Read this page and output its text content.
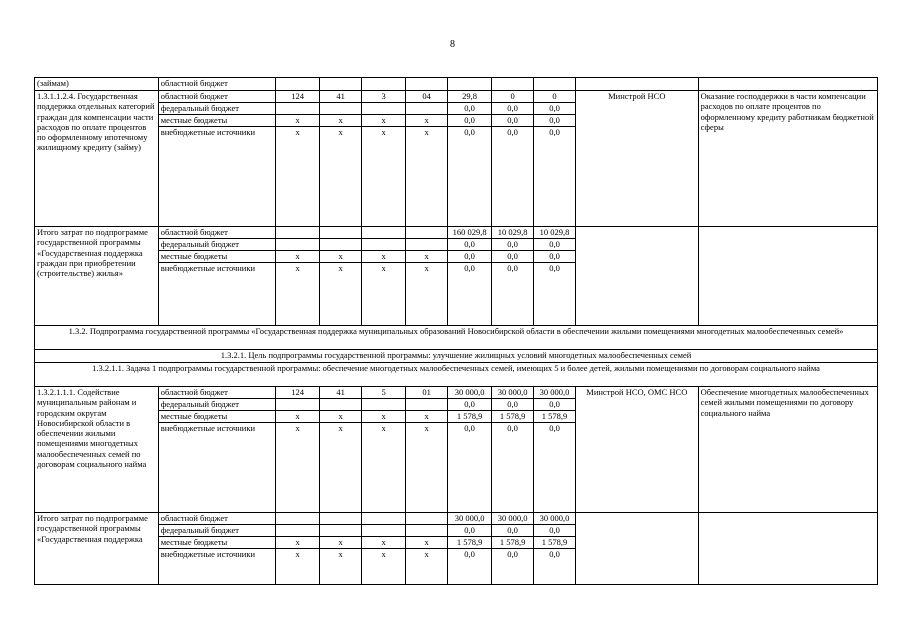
8
(займам)	областной бюджет									
1.3.1.1.2.4. Государственная поддержка отдельных категорий граждан для компенсации части расходов по оплате процентов по оформленному ипотечному жилищному кредиту (займу)	областной бюджет	124	41	3	04	29,8	0	0	Минстрой НСО	Оказание господдержки в части компенсации расходов по оплате процентов по оформленному кредиту работникам бюджетной сферы
	федеральный бюджет					0,0	0,0	0,0		
	местные бюджеты	х	х	х	х	0,0	0,0	0,0		
	внебюджетные источники	х	х	х	х	0,0	0,0	0,0		
Итого затрат по подпрограмме государственной программы «Государственная поддержка граждан при приобретении (строительстве) жилья»	областной бюджет					160 029,8	10 029,8	10 029,8		
	федеральный бюджет					0,0	0,0	0,0		
	местные бюджеты	х	х	х	х	0,0	0,0	0,0		
	внебюджетные источники	х	х	х	х	0,0	0,0	0,0		
1.3.2. Подпрограмма государственной программы «Государственная поддержка муниципальных образований Новосибирской области в обеспечении жилыми помещениями многодетных малообеспеченных семей»										
1.3.2.1. Цель подпрограммы государственной программы: улучшение жилищных условий многодетных малообеспеченных семей										
1.3.2.1.1. Задача 1 подпрограммы государственной программы: обеспечение многодетных малообеспеченных семей, имеющих 5 и более детей, жилыми помещениями по договорам социального найма										
1.3.2.1.1.1. Содействие муниципальным районам и городским округам Новосибирской области в обеспечении жилыми помещениями многодетных малообеспеченных семей по договорам социального найма	областной бюджет	124	41	5	01	30 000,0	30 000,0	30 000,0	Минстрой НСО, ОМС НСО	Обеспечение многодетных малообеспеченных семей жилыми помещениями по договору социального найма
	федеральный бюджет					0,0	0,0	0,0		
	местные бюджеты	х	х	х	х	1 578,9	1 578,9	1 578,9		
	внебюджетные источники	х	х	х	х	0,0	0,0	0,0		
Итого затрат по подпрограмме государственной программы «Государственная поддержка	областной бюджет					30 000,0	30 000,0	30 000,0		
	федеральный бюджет					0,0	0,0	0,0		
	местные бюджеты	х	х	х	х	1 578,9	1 578,9	1 578,9		
	внебюджетные источники	х	х	х	х	0,0	0,0	0,0		
